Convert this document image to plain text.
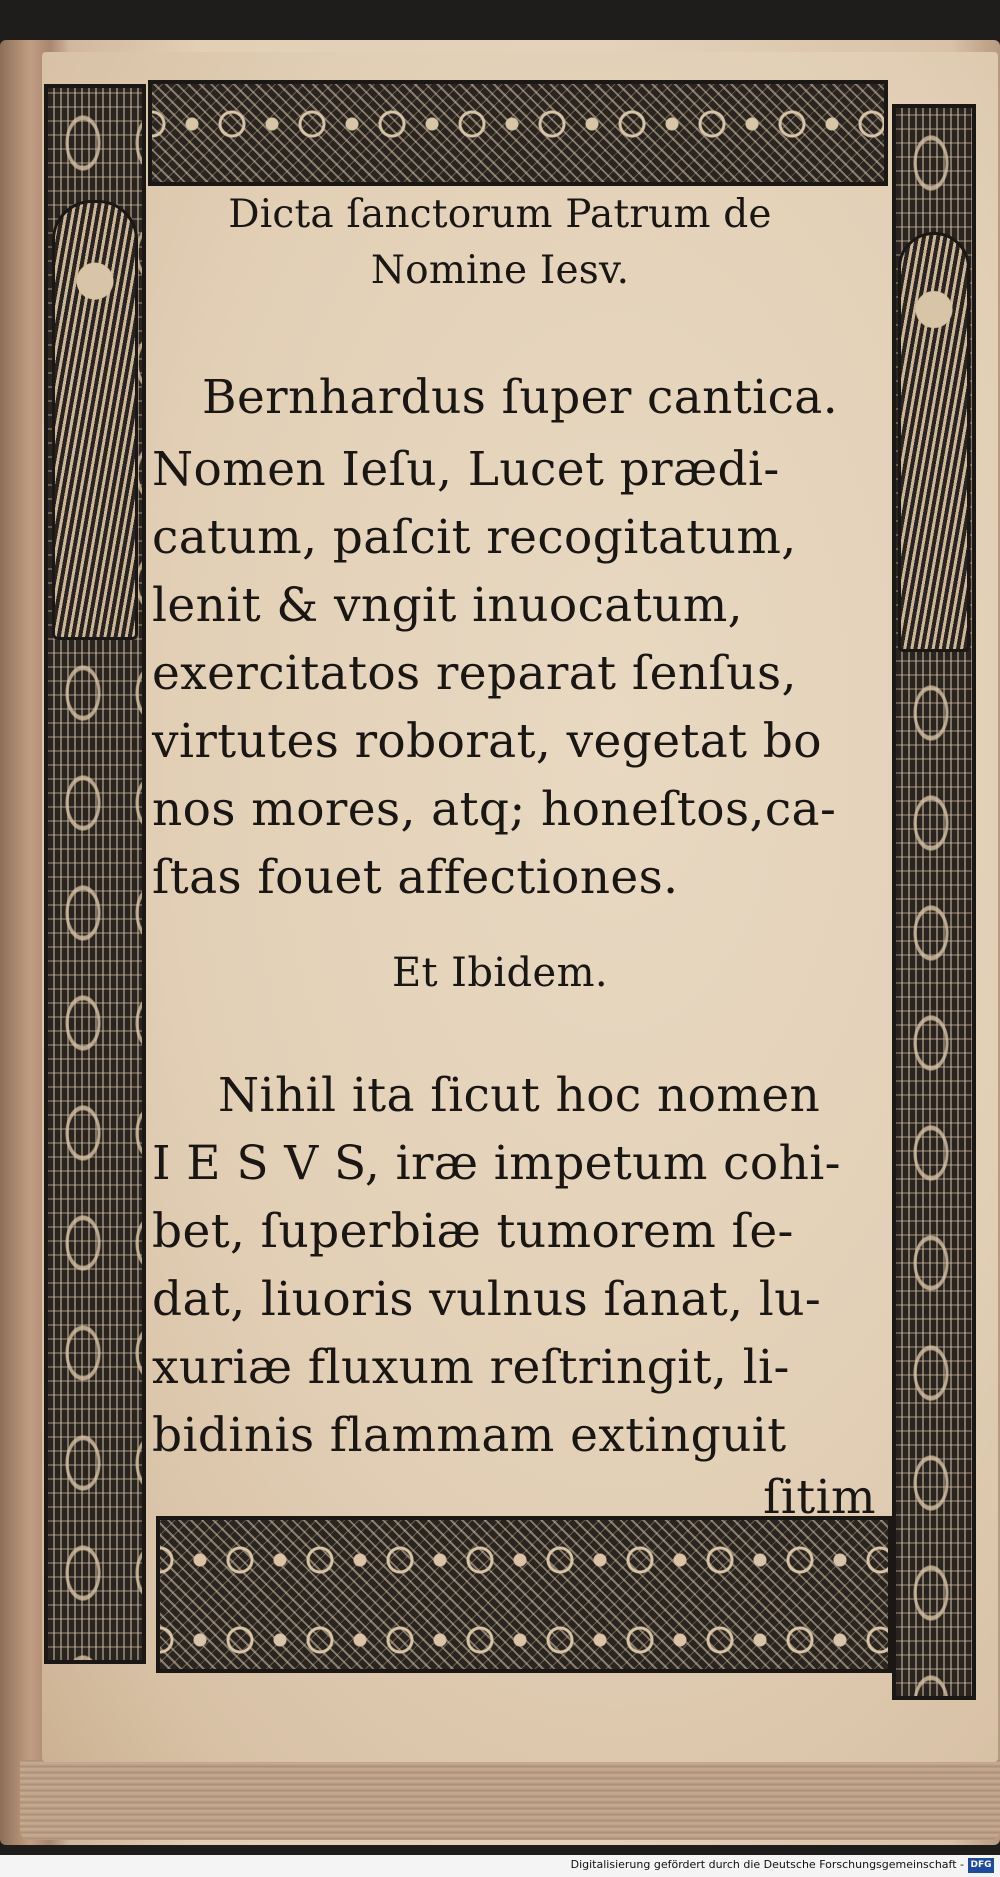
Dicta ſanctorum Patrum de
Nomine Iesv.
Bernhardus ſuper cantica.
Nomen Ieſu, Lucet prædi-
catum, paſcit recogitatum,
lenit & vngit inuocatum,
exercitatos reparat ſenſus,
virtutes roborat, vegetat bo
nos mores, atq; honeſtos,ca-
ſtas fouet affectiones.
Et Ibidem.
Nihil ita ſicut hoc nomen
I E S V S, iræ impetum cohi-
bet, ſuperbiæ tumorem ſe-
dat, liuoris vulnus ſanat, lu-
xuriæ fluxum reſtringit, li-
bidinis flammam extinguit
ſitim
Digitalisierung gefördert durch die Deutsche Forschungsgemeinschaft - DFG
